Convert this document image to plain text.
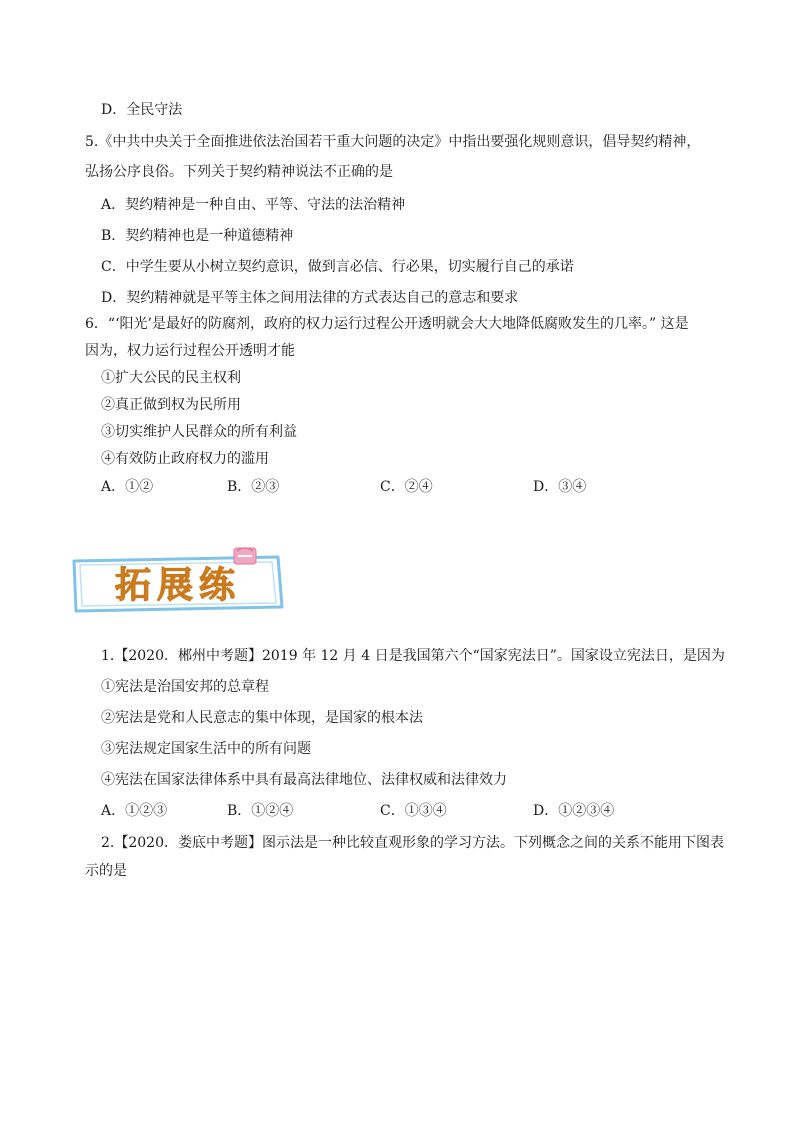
D．全民守法
5.《中共中央关于全面推进依法治国若干重大问题的决定》中指出要强化规则意识，倡导契约精神，
弘扬公序良俗。下列关于契约精神说法不正确的是
A．契约精神是一种自由、平等、守法的法治精神
B．契约精神也是一种道德精神
C．中学生要从小树立契约意识，做到言必信、行必果，切实履行自己的承诺
D．契约精神就是平等主体之间用法律的方式表达自己的意志和要求
6．“‘阳光’是最好的防腐剂，政府的权力运行过程公开透明就会大大地降低腐败发生的几率。” 这是
因为，权力运行过程公开透明才能
①扩大公民的民主权利
②真正做到权为民所用
③切实维护人民群众的所有利益
④有效防止政府权力的滥用
A．①②	B．②③	C．②④	D．③④
拓展练
1.【2020．郴州中考题】2019 年 12 月 4 日是我国第六个“国家宪法日”。国家设立宪法日，是因为
①宪法是治国安邦的总章程
②宪法是党和人民意志的集中体现，是国家的根本法
③宪法规定国家生活中的所有问题
④宪法在国家法律体系中具有最高法律地位、法律权威和法律效力
A．①②③	B．①②④	C．①③④	D．①②③④
2.【2020．娄底中考题】图示法是一种比较直观形象的学习方法。下列概念之间的关系不能用下图表
示的是
